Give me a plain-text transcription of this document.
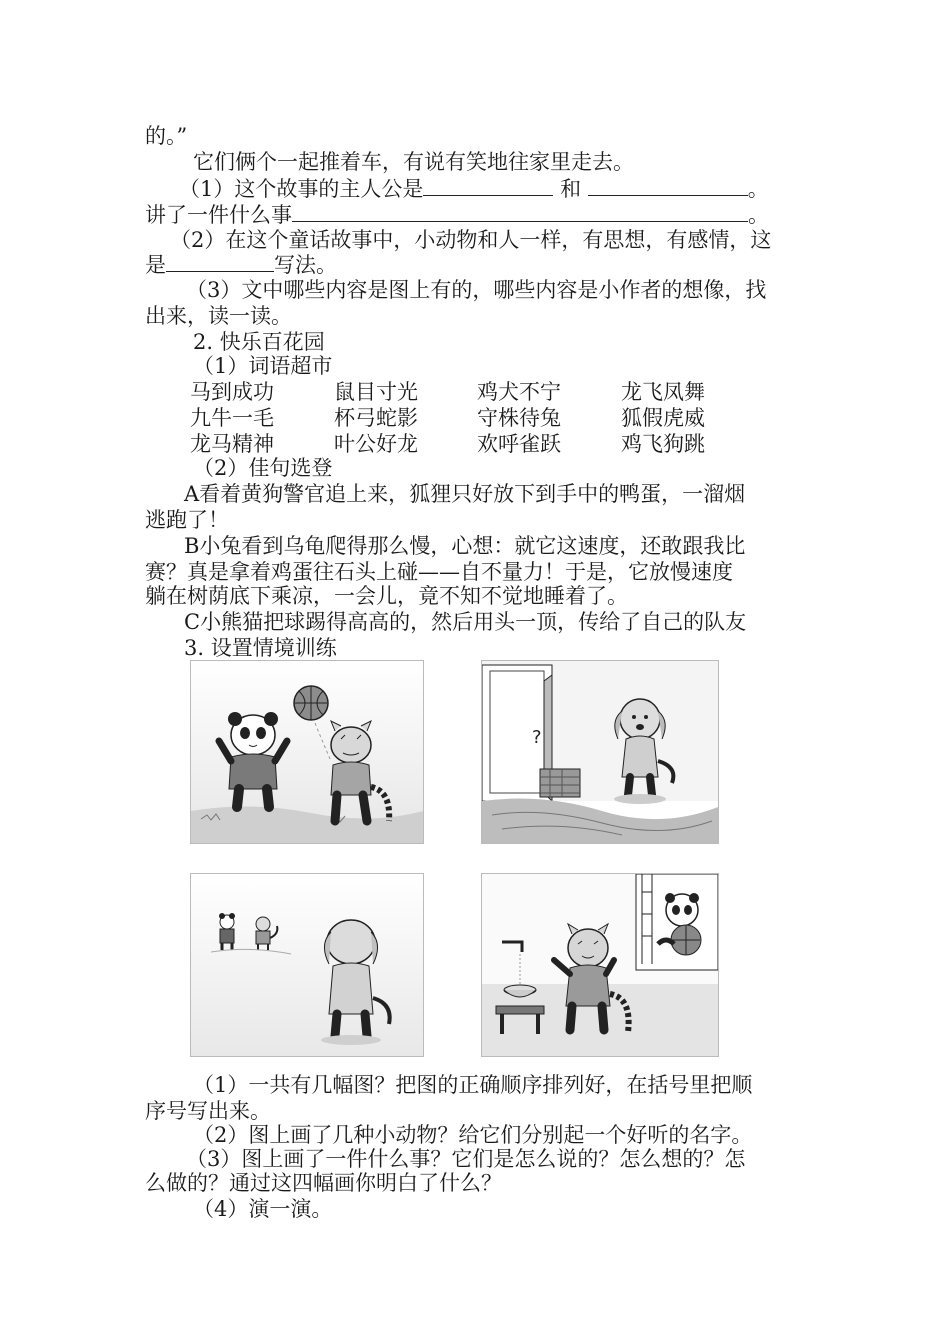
的。”
它们俩个一起推着车，有说有笑地往家里走去。
（1）这个故事的主人公是	和	。
讲了一件什么事	。
（2）在这个童话故事中，小动物和人一样，有思想，有感情，这
是	写法。
（3）文中哪些内容是图上有的，哪些内容是小作者的想像，找
出来，读一读。
2. 快乐百花园
（1）词语超市
马到成功	鼠目寸光	鸡犬不宁	龙飞凤舞
九牛一毛	杯弓蛇影	守株待兔	狐假虎威
龙马精神	叶公好龙	欢呼雀跃	鸡飞狗跳
（2）佳句选登
A看着黄狗警官追上来，狐狸只好放下到手中的鸭蛋，一溜烟
逃跑了！
B小兔看到乌龟爬得那么慢，心想：就它这速度，还敢跟我比
赛？真是拿着鸡蛋往石头上碰——自不量力！于是，它放慢速度
躺在树荫底下乘凉，一会儿，竟不知不觉地睡着了。
C小熊猫把球踢得高高的，然后用头一顶，传给了自己的队友
3. 设置情境训练
?
（1）一共有几幅图？把图的正确顺序排列好，在括号里把顺
序号写出来。
（2）图上画了几种小动物？给它们分别起一个好听的名字。
（3）图上画了一件什么事？它们是怎么说的？怎么想的？怎
么做的？通过这四幅画你明白了什么？
（4）演一演。
